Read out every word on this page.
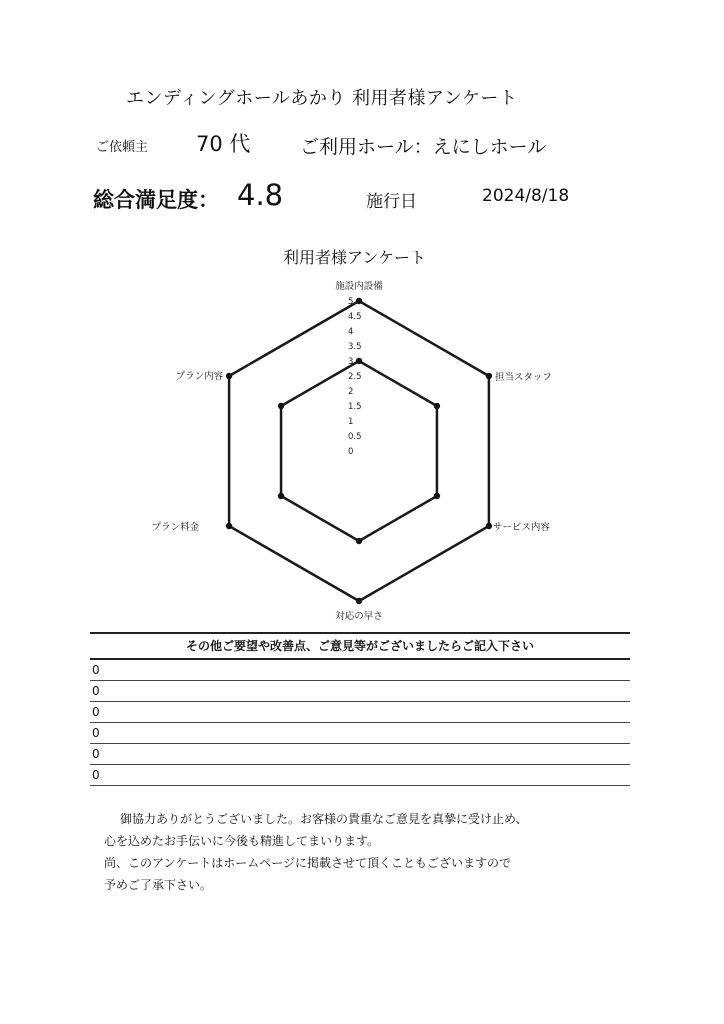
エンディングホールあかり 利用者様アンケート
ご依頼主 70 代	ご利用ホール：えにしホール
総合満足度： 4.8	施行日	2024/8/18
利用者様アンケート
5
4.5
4
3.5
3
2.5
2
1.5
1
0.5
0
施設内設備
担当スタッフ
サービス内容
対応の早さ
プラン料金
プラン内容
その他ご要望や改善点、ご意見等がございましたらご記入下さい
0
0
0
0
0
0
御協力ありがとうございました。お客様の貴重なご意見を真摯に受け止め、
心を込めたお手伝いに今後も精進してまいります。
尚、このアンケートはホームページに掲載させて頂くこともございますので
予めご了承下さい。
